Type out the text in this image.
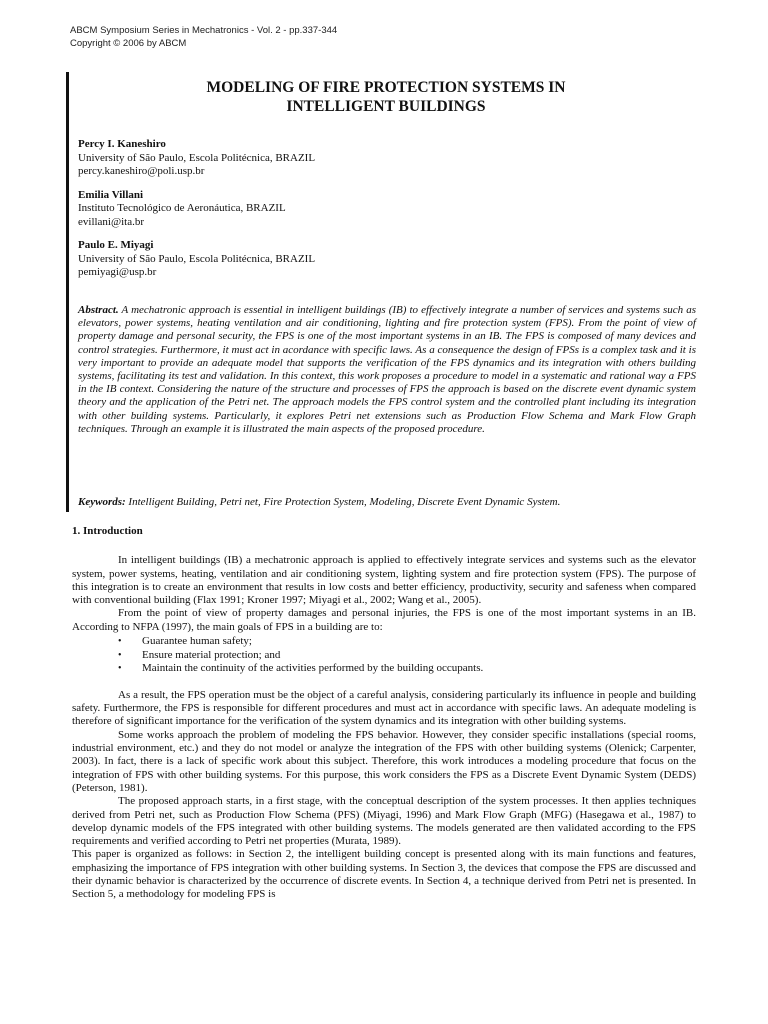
ABCM Symposium Series in Mechatronics - Vol. 2 - pp.337-344
Copyright © 2006 by ABCM
MODELING OF FIRE PROTECTION SYSTEMS IN
INTELLIGENT BUILDINGS
Percy I. Kaneshiro
University of São Paulo, Escola Politécnica, BRAZIL
percy.kaneshiro@poli.usp.br
Emilia Villani
Instituto Tecnológico de Aeronáutica, BRAZIL
evillani@ita.br
Paulo E. Miyagi
University of São Paulo, Escola Politécnica, BRAZIL
pemiyagi@usp.br

Abstract. A mechatronic approach is essential in intelligent buildings (IB) to effectively integrate a number of services and systems such as elevators, power systems, heating ventilation and air conditioning, lighting and fire protection system (FPS). From the point of view of property damage and personal security, the FPS is one of the most important systems in an IB. The FPS is composed of many devices and control strategies. Furthermore, it must act in acordance with specific laws. As a consequence the design of FPSs is a complex task and it is very important to provide an adequate model that supports the verification of the FPS dynamics and its integration with others building systems, facilitating its test and validation. In this context, this work proposes a procedure to model in a systematic and rational way a FPS in the IB context. Considering the nature of the structure and processes of FPS the approach is based on the discrete event dynamic system theory and the application of the Petri net. The approach models the FPS control system and the controlled plant including its integration with other building systems. Particularly, it explores Petri net extensions such as Production Flow Schema and Mark Flow Graph techniques. Through an example it is illustrated the main aspects of the proposed procedure.

Keywords: Intelligent Building, Petri net, Fire Protection System, Modeling, Discrete Event Dynamic System.

1. Introduction

In intelligent buildings (IB) a mechatronic approach is applied to effectively integrate services and systems such as the elevator system, power systems, heating, ventilation and air conditioning system, lighting system and fire protection system (FPS). The purpose of this integration is to create an environment that results in low costs and better efficiency, productivity, security and safeness when compared with conventional building (Flax 1991; Kroner 1997; Miyagi et al., 2002; Wang et al., 2005).

From the point of view of property damages and personal injuries, the FPS is one of the most important systems in an IB. According to NFPA (1997), the main goals of FPS in a building are to:

• Guarantee human safety;
• Ensure material protection; and
• Maintain the continuity of the activities performed by the building occupants.

As a result, the FPS operation must be the object of a careful analysis, considering particularly its influence in people and building safety. Furthermore, the FPS is responsible for different procedures and must act in accordance with specific laws. An adequate modeling is therefore of significant importance for the verification of the system dynamics and its integration with other building systems.

Some works approach the problem of modeling the FPS behavior. However, they consider specific installations (special rooms, industrial environment, etc.) and they do not model or analyze the integration of the FPS with other building systems (Olenick; Carpenter, 2003). In fact, there is a lack of specific work about this subject. Therefore, this work introduces a modeling procedure that focus on the integration of FPS with other building systems. For this purpose, this work considers the FPS as a Discrete Event Dynamic System (DEDS) (Peterson, 1981).

The proposed approach starts, in a first stage, with the conceptual description of the system processes. It then applies techniques derived from Petri net, such as Production Flow Schema (PFS) (Miyagi, 1996) and Mark Flow Graph (MFG) (Hasegawa et al., 1987) to develop dynamic models of the FPS integrated with other building systems. The models generated are then validated according to the FPS requirements and verified according to Petri net properties (Murata, 1989).

This paper is organized as follows: in Section 2, the intelligent building concept is presented along with its main functions and features, emphasizing the importance of FPS integration with other building systems. In Section 3, the devices that compose the FPS are discussed and their dynamic behavior is characterized by the occurrence of discrete events. In Section 4, a technique derived from Petri net is presented. In Section 5, a methodology for modeling FPS is
